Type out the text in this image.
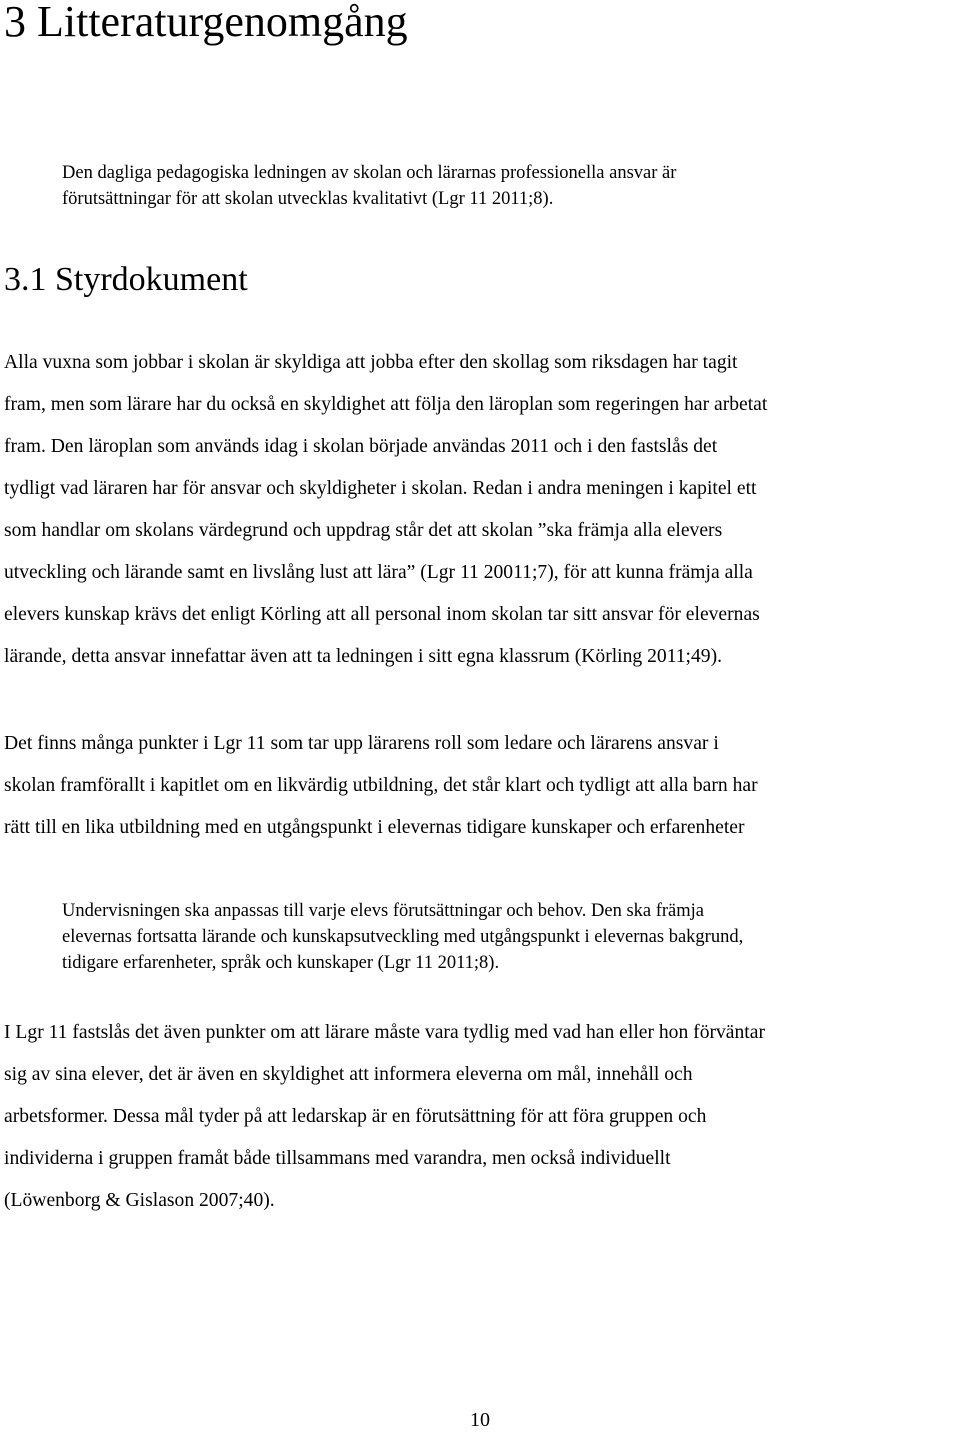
3 Litteraturgenomgång

Den dagliga pedagogiska ledningen av skolan och lärarnas professionella ansvar är
förutsättningar för att skolan utvecklas kvalitativt (Lgr 11 2011;8).

3.1 Styrdokument

Alla vuxna som jobbar i skolan är skyldiga att jobba efter den skollag som riksdagen har tagit
fram, men som lärare har du också en skyldighet att följa den läroplan som regeringen har arbetat
fram. Den läroplan som används idag i skolan började användas 2011 och i den fastslås det
tydligt vad läraren har för ansvar och skyldigheter i skolan. Redan i andra meningen i kapitel ett
som handlar om skolans värdegrund och uppdrag står det att skolan ”ska främja alla elevers
utveckling och lärande samt en livslång lust att lära” (Lgr 11 20011;7), för att kunna främja alla
elevers kunskap krävs det enligt Körling att all personal inom skolan tar sitt ansvar för elevernas
lärande, detta ansvar innefattar även att ta ledningen i sitt egna klassrum (Körling 2011;49).

Det finns många punkter i Lgr 11 som tar upp lärarens roll som ledare och lärarens ansvar i
skolan framförallt i kapitlet om en likvärdig utbildning, det står klart och tydligt att alla barn har
rätt till en lika utbildning med en utgångspunkt i elevernas tidigare kunskaper och erfarenheter

Undervisningen ska anpassas till varje elevs förutsättningar och behov. Den ska främja
elevernas fortsatta lärande och kunskapsutveckling med utgångspunkt i elevernas bakgrund,
tidigare erfarenheter, språk och kunskaper (Lgr 11 2011;8).

I Lgr 11 fastslås det även punkter om att lärare måste vara tydlig med vad han eller hon förväntar
sig av sina elever, det är även en skyldighet att informera eleverna om mål, innehåll och
arbetsformer. Dessa mål tyder på att ledarskap är en förutsättning för att föra gruppen och
individerna i gruppen framåt både tillsammans med varandra, men också individuellt
(Löwenborg & Gislason 2007;40).

10
